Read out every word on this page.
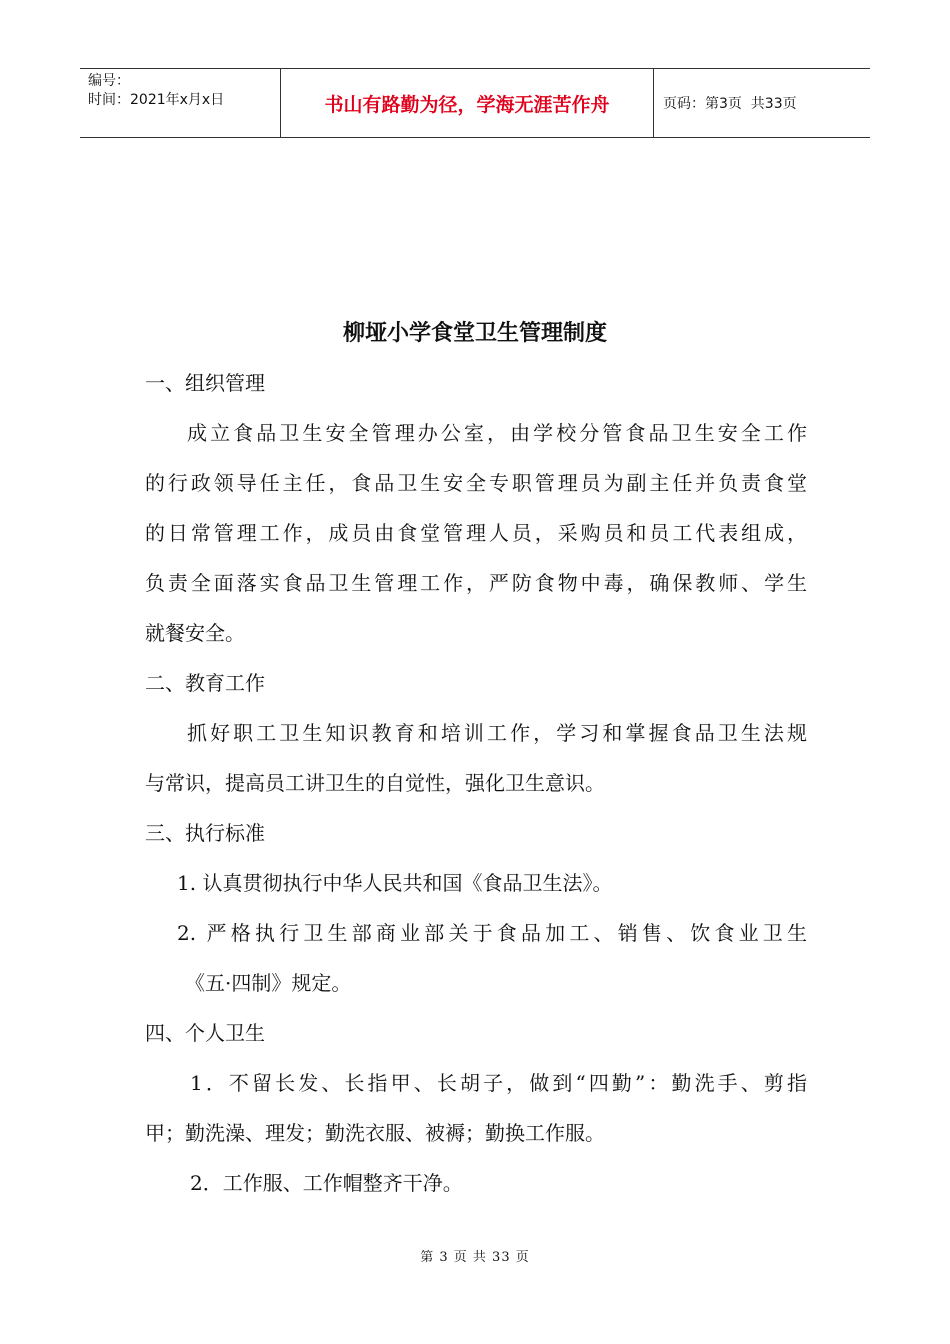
编号：
时间：2021年x月x日	书山有路勤为径，学海无涯苦作舟	页码：第3页  共33页
柳垭小学食堂卫生管理制度
一、组织管理
成立食品卫生安全管理办公室，由学校分管食品卫生安全工作
的行政领导任主任，食品卫生安全专职管理员为副主任并负责食堂
的日常管理工作，成员由食堂管理人员，采购员和员工代表组成，
负责全面落实食品卫生管理工作，严防食物中毒，确保教师、学生
就餐安全。
二、教育工作
抓好职工卫生知识教育和培训工作，学习和掌握食品卫生法规
与常识，提高员工讲卫生的自觉性，强化卫生意识。
三、执行标准
1. 认真贯彻执行中华人民共和国《食品卫生法》。
2. 严格执行卫生部商业部关于食品加工、销售、饮食业卫生
《五·四制》规定。
四、个人卫生
1．不留长发、长指甲、长胡子，做到“四勤”：勤洗手、剪指
甲；勤洗澡、理发；勤洗衣服、被褥；勤换工作服。
2．工作服、工作帽整齐干净。
第 3 页 共 33 页
